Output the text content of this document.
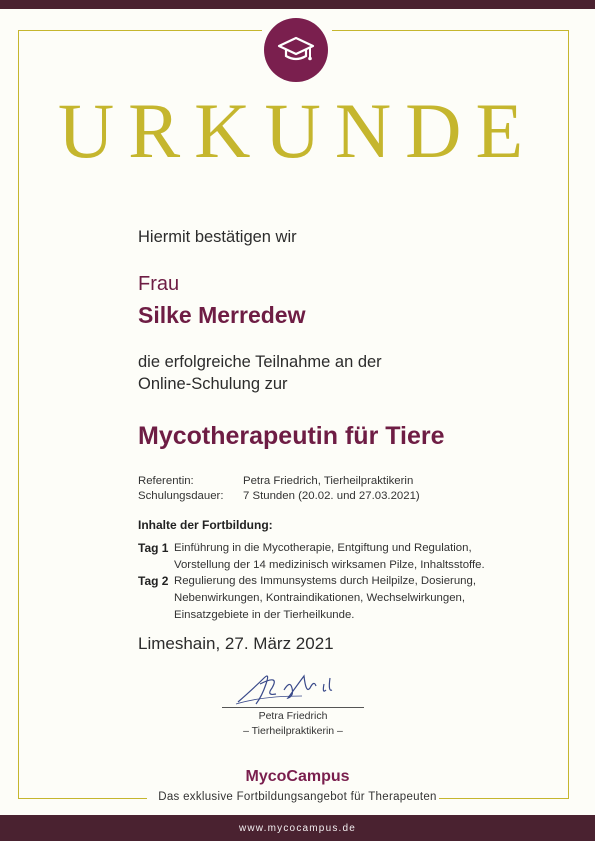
URKUNDE
Hiermit bestätigen wir
Frau
Silke Merredew
die erfolgreiche Teilnahme an der
Online-Schulung zur
Mycotherapeutin für Tiere
Referentin:	Petra Friedrich, Tierheilpraktikerin
Schulungsdauer: 7 Stunden (20.02. und 27.03.2021)
Inhalte der Fortbildung:
Tag 1 Einführung in die Mycotherapie, Entgiftung und Regulation,
Vorstellung der 14 medizinisch wirksamen Pilze, Inhaltsstoffe.
Tag 2 Regulierung des Immunsystems durch Heilpilze, Dosierung,
Nebenwirkungen, Kontraindikationen, Wechselwirkungen,
Einsatzgebiete in der Tierheilkunde.
Limeshain, 27. März 2021
Petra Friedrich
– Tierheilpraktikerin –
MycoCampus
Das exklusive Fortbildungsangebot für Therapeuten
www.mycocampus.de
